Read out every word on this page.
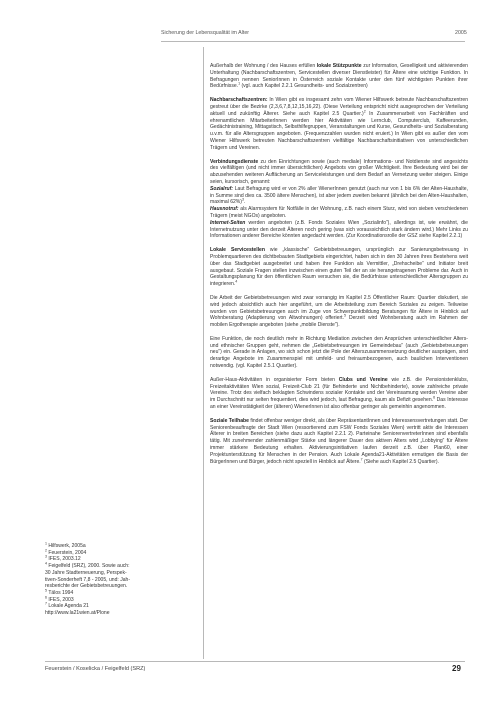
Sicherung der Lebensqualität im Alter	2005

Außerhalb der Wohnung / des Hauses erfüllen lokale Stützpunkte zur Information, Geselligkeit und aktivierenden Unterhaltung (Nachbarschaftszentren, Servicestellen diverser Dienstleister) für Ältere eine wichtige Funktion. In Befragungen nennen SeniorInnen in Österreich soziale Kontakte unter den fünf wichtigsten Punkten ihrer Bedürfnisse.$^1$ (vgl. auch Kapitel 2.2.1 Gesundheits- und Sozialzentren)

Nachbarschaftszentren: In Wien gibt es insgesamt zehn vom Wiener Hilfswerk betreute Nachbarschaftszentren gestreut über die Bezirke (2,3,6,7,8,12,15,16,22). (Diese Verteilung entspricht nicht ausgesprochen der Verteilung aktuell und zukünftig Älterer. Siehe auch Kapitel 2.5 Quartier.)$^2$ In Zusammenarbeit von Fachkräften und ehrenamtlichen MitarbeiterInnen werden hier Aktivitäten wie Lernclub, Computerclub, Kaffeerunden, Gedächtnistraining, Mittagstisch, Selbsthilfegruppen, Veranstaltungen und Kurse, Gesundheits- und Sozialberatung u.v.m. für alle Altersgruppen angeboten. (Frequenzzahlen wurden nicht eruiert.) In Wien gibt es außer den vom Wiener Hilfswerk betreuten Nachbarschaftszentren vielfältige Nachbarschaftsinitiativen von unterschiedlichen Trägern und Vereinen.

Verbindungsdienste zu den Einrichtungen sowie (auch mediale) Informations- und Notdienste sind angesichts des vielfältigen (und nicht immer übersichtlichen) Angebots von großer Wichtigkeit. Ihre Bedeutung wird bei der abzusehenden weiteren Auffächerung an Serviceleistungen und dem Bedarf an Vernetzung weiter steigen. Einige seien, kursorisch, genannt:
Sozialruf: Laut Befragung wird er von 2% aller WienerInnen genutzt (auch nur von 1 bis 6% der Alten-Haushalte, in Summe sind dies ca. 3500 ältere Menschen), ist aber jedem zweiten bekannt (ähnlich bei den Alten-Haushalten, maximal 62%)$^3$.
Hausnotruf: als Alarmsystem für Notfälle in der Wohnung, z.B. nach einem Sturz, wird von sieben verschiedenen Trägern (meist NGOs) angeboten.
Internet-Seiten werden angeboten (z.B. Fonds Soziales Wien „Sozialinfo“), allerdings ist, wie erwähnt, die Internetnutzung unter den derzeit Älteren noch gering (was sich voraussichtlich stark ändern wird.) Mehr Links zu Informationen anderer Bereiche könnten angedacht werden. (Zur Koordinationsrolle der GSZ siehe Kapitel 2.2.1)

Lokale Servicestellen wie „klassische“ Gebietsbetreuungen, ursprünglich zur Sanierungsbetreuung in Problemquartieren des dichtbebauten Stadtgebiets eingerichtet, haben sich in den 30 Jahren ihres Bestehens weit über das Stadtgebiet ausgebreitet und haben ihre Funktion als Vermittler, „Drehscheibe“ und Initiator breit ausgebaut. Soziale Fragen stellen inzwischen einen guten Teil der an sie herangetragenen Probleme dar. Auch in Gestaltungsplanung für den öffentlichen Raum versuchen sie, die Bedürfnisse unterschiedlicher Altersgruppen zu integrieren.$^4$

Die Arbeit der Gebietsbetreuungen wird zwar vorrangig im Kapitel 2.5 Öffentlicher Raum: Quartier diskutiert, sie wird jedoch absichtlich auch hier angeführt, um die Arbeitsteilung zum Bereich Soziales zu zeigen. Teilweise wurden von Gebietsbetreuungen auch im Zuge von Schwerpunktbildung Beratungen für Ältere in Hinblick auf Wohnberatung (Adaptierung von Altwohnungen) offeriert.$^5$ Derzeit wird Wohnberatung auch im Rahmen der mobilen Ergotherapie angeboten (siehe „mobile Dienste“).

Eine Funktion, die noch deutlich mehr in Richtung Mediation zwischen den Ansprüchen unterschiedlicher Alters- und ethnischer Gruppen geht, nehmen die „Gebietsbetreuungen im Gemeindebau“ (auch „Gebietsbetreuungen neu“) ein. Gerade in Anlagen, wo sich schon jetzt die Pole der Alterszusammensetzung deutlicher ausprägen, sind derartige Angebote im Zusammenspiel mit umfeld- und freiraumbezogenen, auch baulichen Interventionen notwendig. (vgl. Kapitel 2.5.1 Quartier).

Außer-Haus-Aktivitäten in organisierter Form bieten Clubs und Vereine wie z.B. die Pensionistenklubs, Freizeitaktivitäten Wien sozial, Freizeit-Club 21 (für Behinderte und Nichtbehinderte), sowie zahlreiche private Vereine. Trotz des vielfach beklagten Schwindens sozialer Kontakte und der Vereinsamung werden Vereine aber im Durchschnitt nur selten frequentiert, dies wird jedoch, laut Befragung, kaum als Defizit gesehen.$^6$ Das Interesse an einer Vereinstätigkeit der (älteren) WienerInnen ist also offenbar geringer als gemeinhin angenommen.

Soziale Teilhabe findet offenbar weniger direkt, als über RepräsentantInnen und Interessensvertretungen statt. Der Seniorenbeauftragte der Stadt Wien (ressortierend zum FSW Fonds Soziales Wien) vertritt aktiv die Interessen Älterer in breiten Bereichen (siehe dazu auch Kapitel 2.2.1 2). Parteinahe SeniorenvertreterInnen sind ebenfalls tätig. Mit zunehmender zahlenmäßiger Stärke und längerer Dauer des aktiven Alters wird „Lobbying“ für Ältere immer stärkere Bedeutung erhalten. Aktivierungsinitiativen laufen derzeit z.B. über Plan60, einer Projektunterstützung für Menschen in der Pension. Auch Lokale Agenda21-Aktivitäten ermutigen die Basis der BürgerInnen und Bürger, jedoch nicht speziell in Hinblick auf Ältere.$^7$ (Siehe auch Kapitel 2.5 Quartier).

$^1$ Hilfswerk, 2005a
$^2$ Feuerstein, 2004
$^3$ IFES, 2003.12
$^4$ Feigelfeld (SRZ), 2000. Sowie auch:
30 Jahre Stadterneuerung, Perspek-
tiven-Sonderheft 7,8 - 2005, und: Jah-
resberichte der Gebietsbetreuungen.
$^5$ Tälos 1994
$^6$ IFES, 2003
$^7$ Lokale Agenda 21
http://www.la21wien.at/Plone
Feuerstein / Koselicka / Feigelfeld (SRZ)	29
